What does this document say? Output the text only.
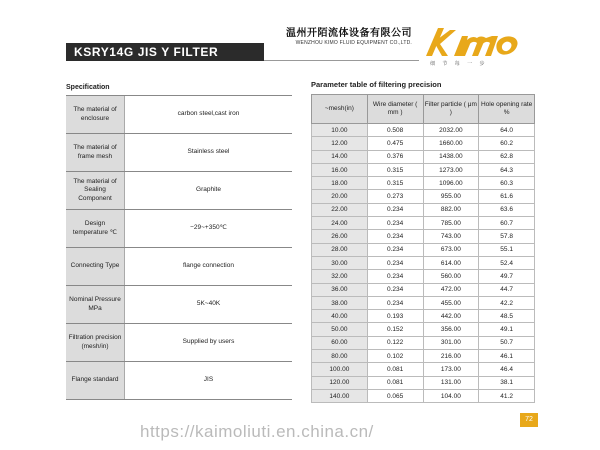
温州开陌流体设备有限公司
WENZHOU KIMO FLUID EQUIPMENT CO.,LTD.
细 节 每 一 步
KSRY14G JIS Y FILTER
Specification
The material of enclosure	carbon steel,cast iron
The material of frame mesh	Stainless steel
The material of Sealing Component	Graphite
Design temperature ℃	−29~+350℃
Connecting Type	flange connection
Nominal Pressure MPa	5K~40K
Filtration precision (mesh/in)	Supplied by users
Flange standard	JIS
Parameter table of filtering precision
~mesh(in)	Wire diameter ( mm )	Filter particle ( μm )	Hole opening rate %
10.00	0.508	2032.00	64.0
12.00	0.475	1660.00	60.2
14.00	0.376	1438.00	62.8
16.00	0.315	1273.00	64.3
18.00	0.315	1096.00	60.3
20.00	0.273	955.00	61.6
22.00	0.234	882.00	63.6
24.00	0.234	785.00	60.7
26.00	0.234	743.00	57.8
28.00	0.234	673.00	55.1
30.00	0.234	614.00	52.4
32.00	0.234	560.00	49.7
36.00	0.234	472.00	44.7
38.00	0.234	455.00	42.2
40.00	0.193	442.00	48.5
50.00	0.152	356.00	49.1
60.00	0.122	301.00	50.7
80.00	0.102	216.00	46.1
100.00	0.081	173.00	46.4
120.00	0.081	131.00	38.1
140.00	0.065	104.00	41.2
https://kaimoliuti.en.china.cn/
72
